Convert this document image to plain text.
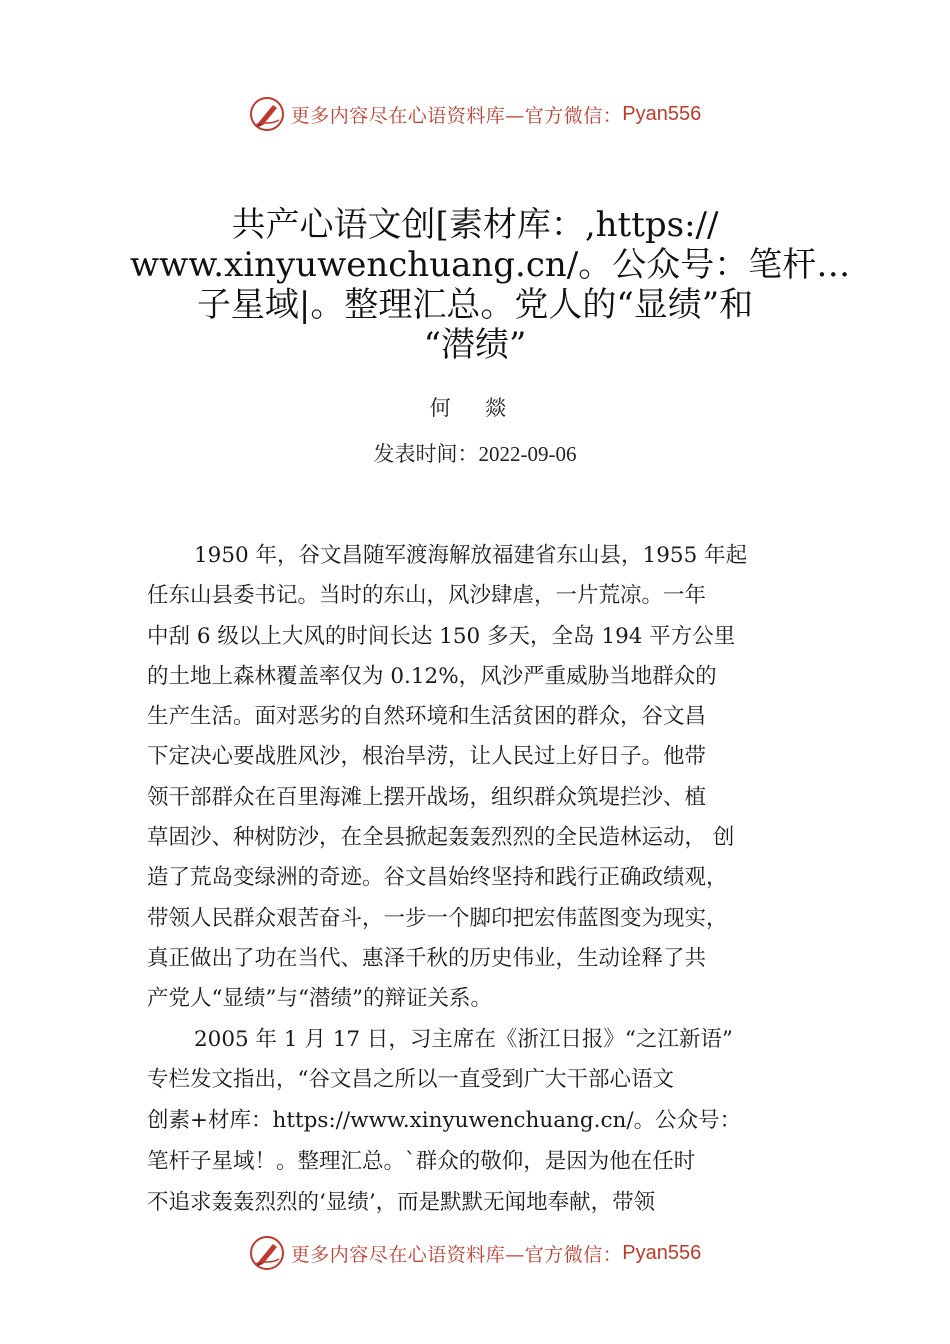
更多内容尽在心语资料库—官方微信： Pyan556
共产心语文创[素材库：,https://
www.xinyuwenchuang.cn/。公众号：笔杆…
子星域|。整理汇总。党人的“显绩”和
“潜绩”
何 燚
发表时间：2022-09-06
1950 年，谷文昌随军渡海解放福建省东山县，1955 年起
任东山县委书记。当时的东山，风沙肆虐，一片荒凉。一年
中刮 6 级以上大风的时间长达 150 多天，全岛 194 平方公里
的土地上森林覆盖率仅为 0.12%，风沙严重威胁当地群众的
生产生活。面对恶劣的自然环境和生活贫困的群众，谷文昌
下定决心要战胜风沙，根治旱涝，让人民过上好日子。他带
领干部群众在百里海滩上摆开战场，组织群众筑堤拦沙、植
草固沙、种树防沙，在全县掀起轰轰烈烈的全民造林运动， 创
造了荒岛变绿洲的奇迹。谷文昌始终坚持和践行正确政绩观，
带领人民群众艰苦奋斗，一步一个脚印把宏伟蓝图变为现实，
真正做出了功在当代、惠泽千秋的历史伟业，生动诠释了共
产党人“显绩”与“潜绩”的辩证关系。
2005 年 1 月 17 日，习主席在《浙江日报》“之江新语”
专栏发文指出，“谷文昌之所以一直受到广大干部心语文
创素+材库：https://www.xinyuwenchuang.cn/。公众号：
笔杆子星域！。整理汇总。`群众的敬仰，是因为他在任时
不追求轰轰烈烈的‘显绩’，而是默默无闻地奉献，带领
更多内容尽在心语资料库—官方微信： Pyan556
